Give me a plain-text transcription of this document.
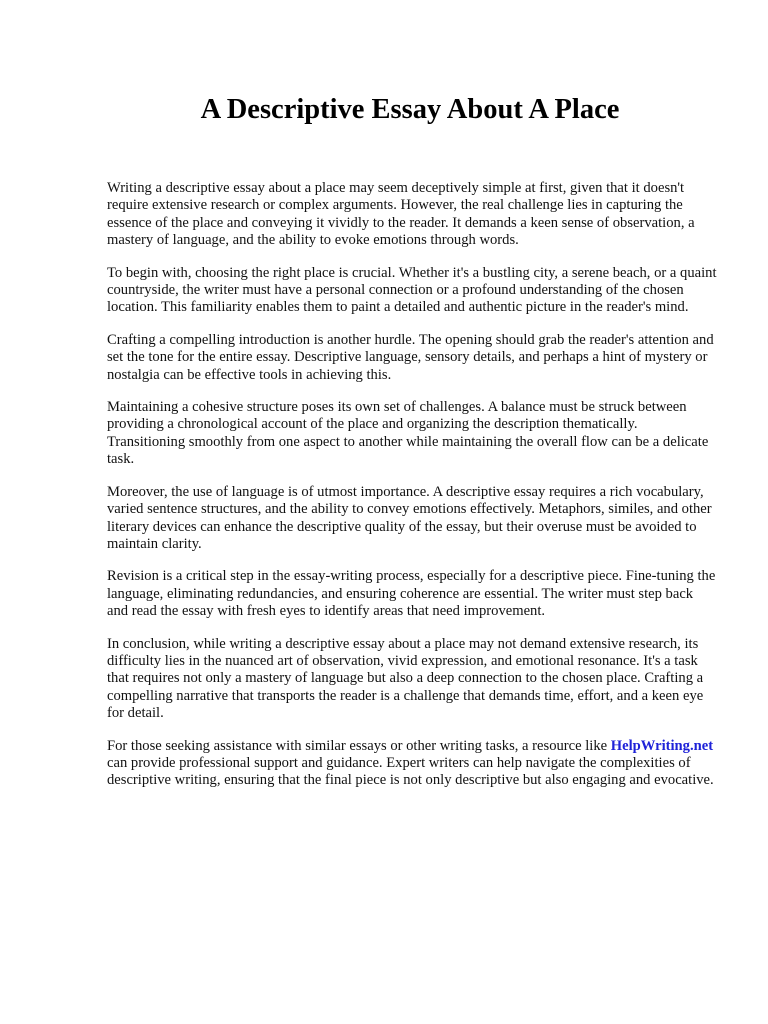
A Descriptive Essay About A Place

Writing a descriptive essay about a place may seem deceptively simple at first, given that it doesn't require extensive research or complex arguments. However, the real challenge lies in capturing the essence of the place and conveying it vividly to the reader. It demands a keen sense of observation, a mastery of language, and the ability to evoke emotions through words.

To begin with, choosing the right place is crucial. Whether it's a bustling city, a serene beach, or a quaint countryside, the writer must have a personal connection or a profound understanding of the chosen location. This familiarity enables them to paint a detailed and authentic picture in the reader's mind.

Crafting a compelling introduction is another hurdle. The opening should grab the reader's attention and set the tone for the entire essay. Descriptive language, sensory details, and perhaps a hint of mystery or nostalgia can be effective tools in achieving this.

Maintaining a cohesive structure poses its own set of challenges. A balance must be struck between providing a chronological account of the place and organizing the description thematically. Transitioning smoothly from one aspect to another while maintaining the overall flow can be a delicate task.

Moreover, the use of language is of utmost importance. A descriptive essay requires a rich vocabulary, varied sentence structures, and the ability to convey emotions effectively. Metaphors, similes, and other literary devices can enhance the descriptive quality of the essay, but their overuse must be avoided to maintain clarity.

Revision is a critical step in the essay-writing process, especially for a descriptive piece. Fine-tuning the language, eliminating redundancies, and ensuring coherence are essential. The writer must step back and read the essay with fresh eyes to identify areas that need improvement.

In conclusion, while writing a descriptive essay about a place may not demand extensive research, its difficulty lies in the nuanced art of observation, vivid expression, and emotional resonance. It's a task that requires not only a mastery of language but also a deep connection to the chosen place. Crafting a compelling narrative that transports the reader is a challenge that demands time, effort, and a keen eye for detail.

For those seeking assistance with similar essays or other writing tasks, a resource like HelpWriting.net can provide professional support and guidance. Expert writers can help navigate the complexities of descriptive writing, ensuring that the final piece is not only descriptive but also engaging and evocative.
